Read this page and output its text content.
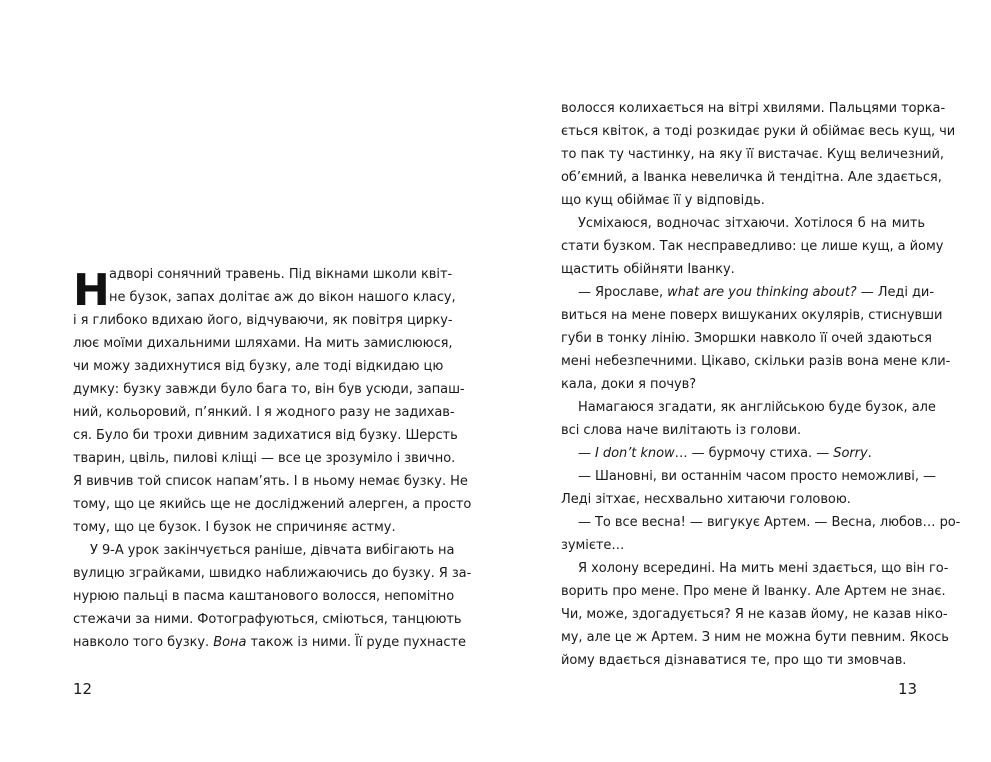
Н адворі сонячний травень. Під вікнами школи квіт-
не бузок, запах долітає аж до вікон нашого класу,
і я глибоко вдихаю його, відчуваючи, як повітря цирку-
лює моїми дихальними шляхами. На мить замислююся,
чи можу задихнутися від бузку, але тоді відкидаю цю
думку: бузку завжди було бага то, він був усюди, запаш-
ний, кольоровий, п’янкий. І я жодного разу не задихав-
ся. Було би трохи дивним задихатися від бузку. Шерсть
тварин, цвіль, пилові кліщі — все це зрозуміло і звично.
Я вивчив той список напам’ять. І в ньому немає бузку. Не
тому, що це якийсь ще не досліджений алерген, а просто
тому, що це бузок. І бузок не спричиняє астму.
У 9-А урок закінчується раніше, дівчата вибігають на
вулицю зграйками, швидко наближаючись до бузку. Я за-
нурюю пальці в пасма каштанового волосся, непомітно
стежачи за ними. Фотографуються, сміються, танцюють
навколо того бузку. Вона також із ними. Її руде пухнасте
12
волосся колихається на вітрі хвилями. Пальцями торка-
ється квіток, а тоді розкидає руки й обіймає весь кущ, чи
то пак ту частинку, на яку її вистачає. Кущ величезний,
об’ємний, а Іванка невеличка й тендітна. Але здається,
що кущ обіймає її у відповідь.
Усміхаюся, водночас зітхаючи. Хотілося б на мить
стати бузком. Так несправедливо: це лише кущ, а йому
щастить обійняти Іванку.
— Ярославе, what are you thinking about? — Леді ди-
виться на мене поверх вишуканих окулярів, стиснувши
губи в тонку лінію. Зморшки навколо її очей здаються
мені небезпечними. Цікаво, скільки разів вона мене кли-
кала, доки я почув?
Намагаюся згадати, як англійською буде бузок, але
всі слова наче вилітають із голови.
— I don’t know… — бурмочу стиха. — Sorry.
— Шановні, ви останнім часом просто неможливі, —
Леді зітхає, несхвально хитаючи головою.
— То все весна! — вигукує Артем. — Весна, любов… ро-
зумієте…
Я холону всередині. На мить мені здається, що він го-
ворить про мене. Про мене й Іванку. Але Артем не знає.
Чи, може, здогадується? Я не казав йому, не казав ніко-
му, але це ж Артем. З ним не можна бути певним. Якось
йому вдається дізнаватися те, про що ти змовчав.
13
